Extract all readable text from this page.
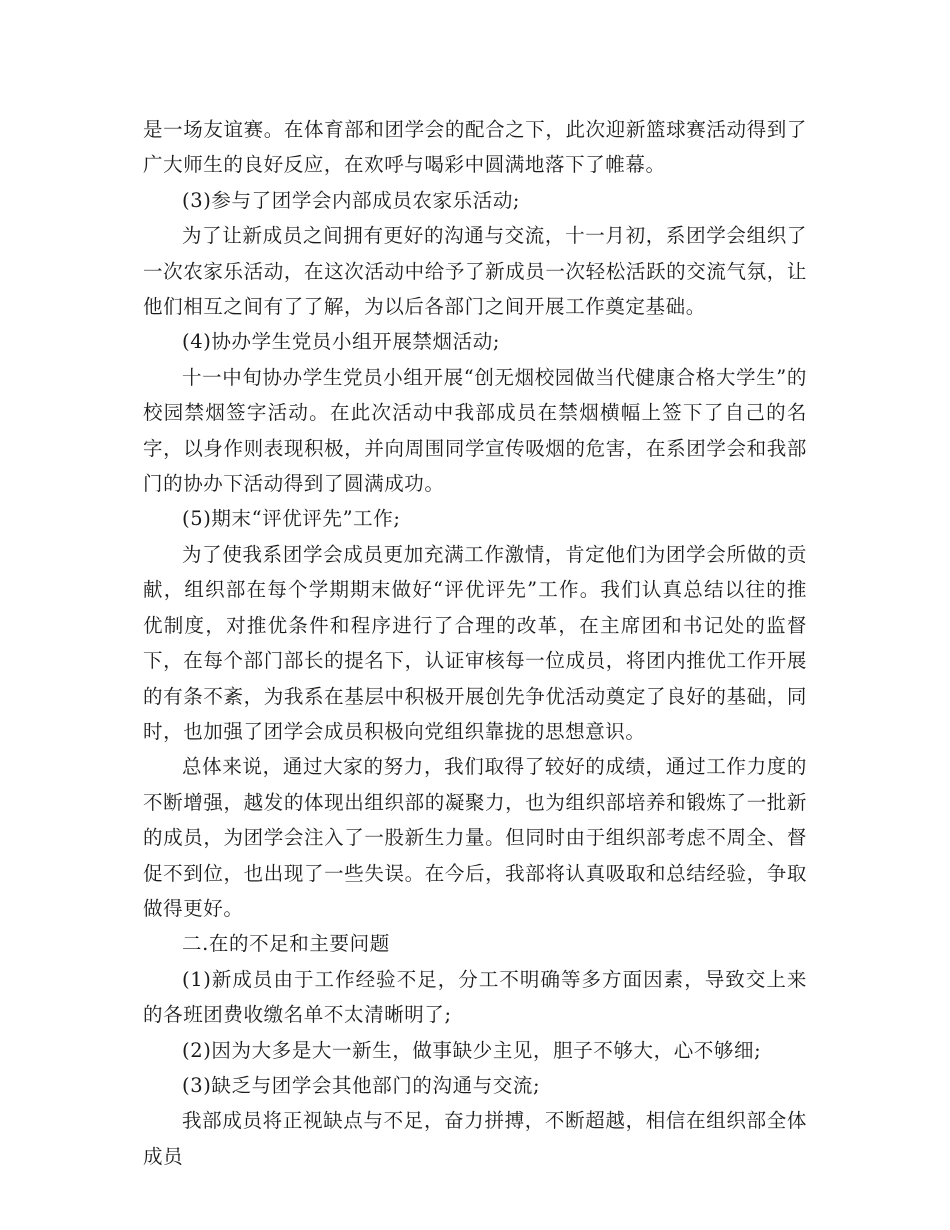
是一场友谊赛。在体育部和团学会的配合之下，此次迎新篮球赛活动得到了广大师生的良好反应，在欢呼与喝彩中圆满地落下了帷幕。

(3)参与了团学会内部成员农家乐活动;

为了让新成员之间拥有更好的沟通与交流，十一月初，系团学会组织了一次农家乐活动，在这次活动中给予了新成员一次轻松活跃的交流气氛，让他们相互之间有了了解，为以后各部门之间开展工作奠定基础。

(4)协办学生党员小组开展禁烟活动;

十一中旬协办学生党员小组开展“创无烟校园做当代健康合格大学生”的校园禁烟签字活动。在此次活动中我部成员在禁烟横幅上签下了自己的名字，以身作则表现积极，并向周围同学宣传吸烟的危害，在系团学会和我部门的协办下活动得到了圆满成功。

(5)期末“评优评先”工作;

为了使我系团学会成员更加充满工作激情，肯定他们为团学会所做的贡献，组织部在每个学期期末做好“评优评先”工作。我们认真总结以往的推优制度，对推优条件和程序进行了合理的改革，在主席团和书记处的监督下，在每个部门部长的提名下，认证审核每一位成员，将团内推优工作开展的有条不紊，为我系在基层中积极开展创先争优活动奠定了良好的基础，同时，也加强了团学会成员积极向党组织靠拢的思想意识。

总体来说，通过大家的努力，我们取得了较好的成绩，通过工作力度的不断增强，越发的体现出组织部的凝聚力，也为组织部培养和锻炼了一批新的成员，为团学会注入了一股新生力量。但同时由于组织部考虑不周全、督促不到位，也出现了一些失误。在今后，我部将认真吸取和总结经验，争取做得更好。

二.在的不足和主要问题

(1)新成员由于工作经验不足，分工不明确等多方面因素，导致交上来的各班团费收缴名单不太清晰明了;

(2)因为大多是大一新生，做事缺少主见，胆子不够大，心不够细;

(3)缺乏与团学会其他部门的沟通与交流;

我部成员将正视缺点与不足，奋力拼搏，不断超越，相信在组织部全体成员
